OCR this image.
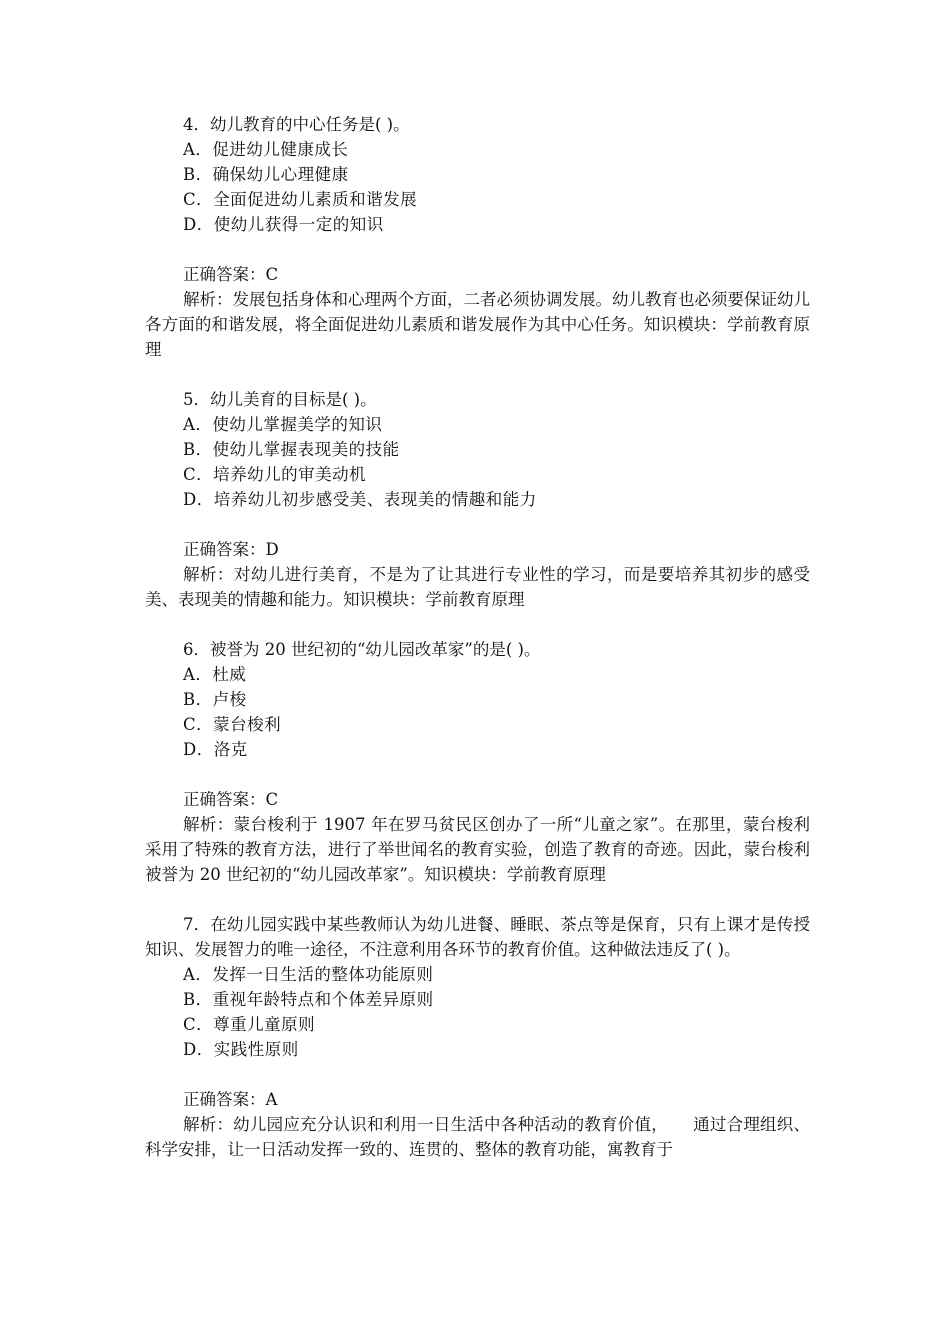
4．幼儿教育的中心任务是( )。

A．促进幼儿健康成长

B．确保幼儿心理健康

C．全面促进幼儿素质和谐发展

D．使幼儿获得一定的知识

正确答案：C

解析：发展包括身体和心理两个方面，二者必须协调发展。幼儿教育也必须要保证幼儿各方面的和谐发展，将全面促进幼儿素质和谐发展作为其中心任务。知识模块：学前教育原理

5．幼儿美育的目标是( )。

A．使幼儿掌握美学的知识

B．使幼儿掌握表现美的技能

C．培养幼儿的审美动机

D．培养幼儿初步感受美、表现美的情趣和能力

正确答案：D

解析：对幼儿进行美育，不是为了让其进行专业性的学习，而是要培养其初步的感受美、表现美的情趣和能力。知识模块：学前教育原理

6．被誉为 20 世纪初的“幼儿园改革家”的是( )。

A．杜威

B．卢梭

C．蒙台梭利

D．洛克

正确答案：C

解析：蒙台梭利于 1907 年在罗马贫民区创办了一所“儿童之家”。在那里，蒙台梭利采用了特殊的教育方法，进行了举世闻名的教育实验，创造了教育的奇迹。因此，蒙台梭利被誉为 20 世纪初的“幼儿园改革家”。知识模块：学前教育原理

7．在幼儿园实践中某些教师认为幼儿进餐、睡眠、茶点等是保育，只有上课才是传授知识、发展智力的唯一途径，不注意利用各环节的教育价值。这种做法违反了( )。

A．发挥一日生活的整体功能原则

B．重视年龄特点和个体差异原则

C．尊重儿童原则

D．实践性原则

正确答案：A

解析：幼儿园应充分认识和利用一日生活中各种活动的教育价值，　　通过合理组织、科学安排，让一日活动发挥一致的、连贯的、整体的教育功能，寓教育于
